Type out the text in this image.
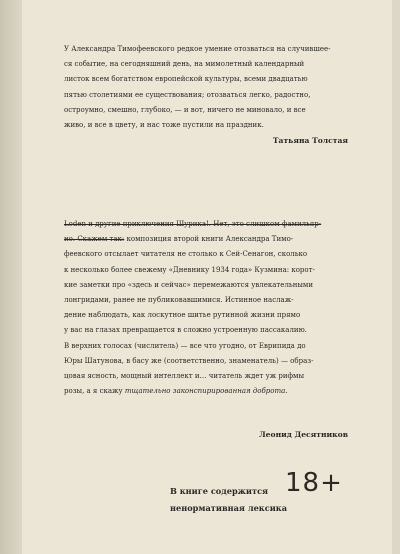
У Александра Тимофеевского редкое умение отозваться на случившее-
ся событие, на сегодняшний день, на мимолетный календарный
листок всем богатством европейской культуры, всеми двадцатью
пятью столетиями ее существования; отозваться легко, радостно,
остроумно, смешно, глубоко, — и вот, ничего не миновало, и все
живо, и все в цвету, и нас тоже пустили на праздник.
Татьяна Толстая
Loden и другие приключения Шурика!. Нет, это слишком фамильяр-
но. Скажем так: композиция второй книги Александра Тимо-
феевского отсылает читателя не столько к Сей-Сенагон, сколько
к несколько более свежему «Дневнику 1934 года» Кузмина: корот-
кие заметки про «здесь и сейчас» перемежаются увлекательными
лонгридами, ранее не публиковавшимися. Истинное наслаж-
дение наблюдать, как лоскутное шитье рутинной жизни прямо
у вас на глазах превращается в сложно устроенную пассакалию.
В верхних голосах (числитель) — все что угодно, от Еврипида до
Юры Шатунова, в басу же (соответственно, знаменатель) — образ-
цовая ясность, мощный интеллект и… читатель ждет уж рифмы
розы, а я скажу тщательно законспирированная доброта.
Леонид Десятников
В книге содержится
ненормативная лексика
18+
